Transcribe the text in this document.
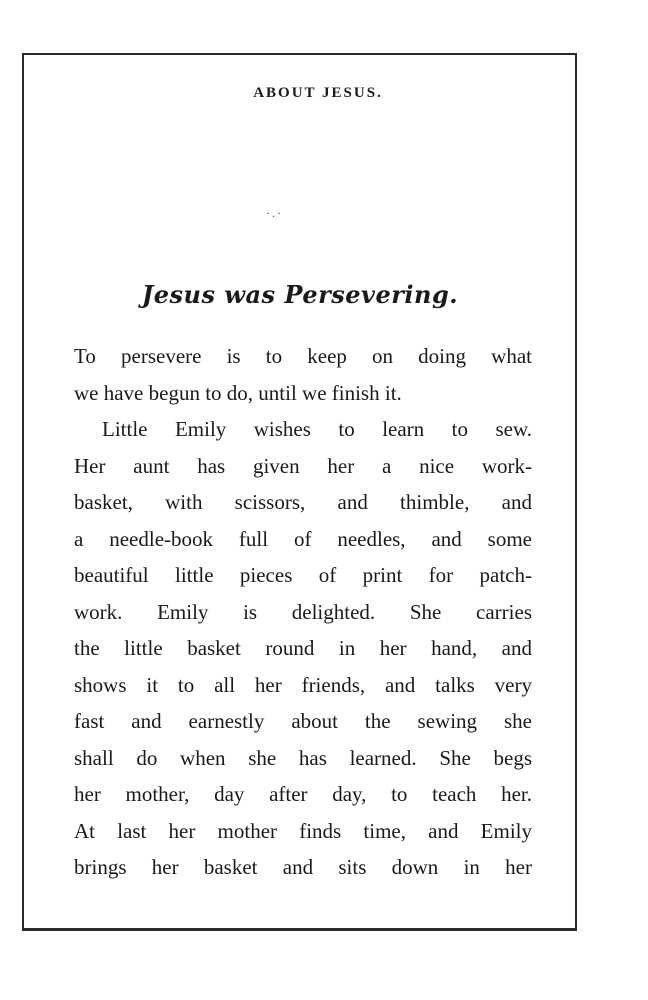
ABOUT JESUS.
·.·
Jesus was Persevering.
To persevere is to keep on doing what
we have begun to do, until we finish it.
Little Emily wishes to learn to sew.
Her aunt has given her a nice work-
basket, with scissors, and thimble, and
a needle-book full of needles, and some
beautiful little pieces of print for patch-
work. Emily is delighted. She carries
the little basket round in her hand, and
shows it to all her friends, and talks very
fast and earnestly about the sewing she
shall do when she has learned. She begs
her mother, day after day, to teach her.
At last her mother finds time, and Emily
brings her basket and sits down in her
